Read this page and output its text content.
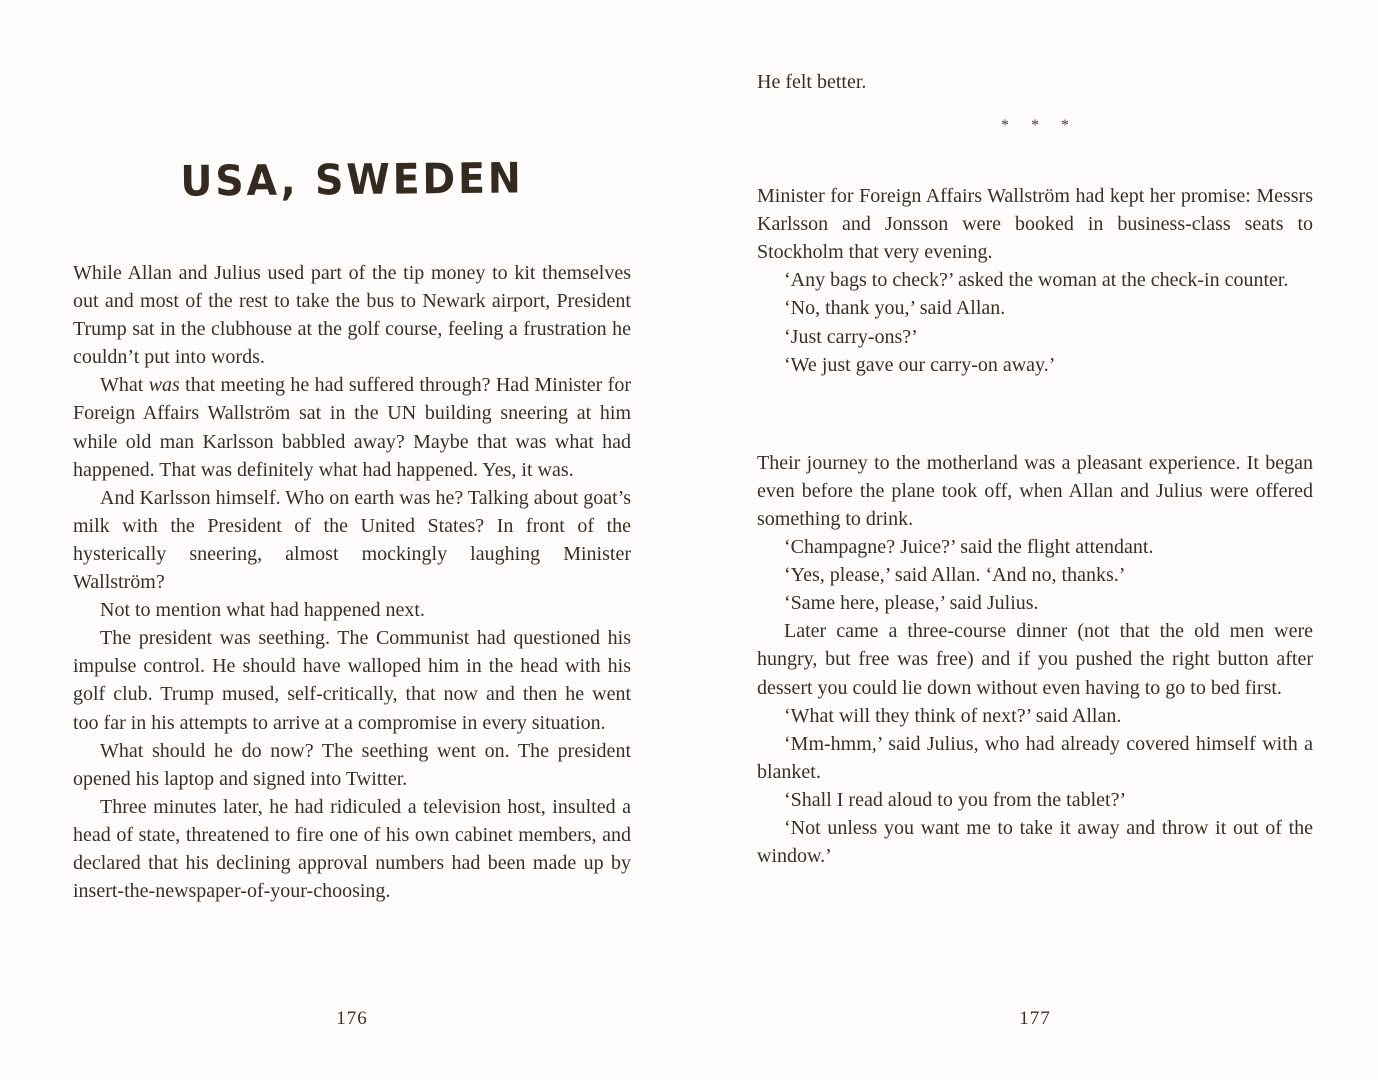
USA, SWEDEN

While Allan and Julius used part of the tip money to kit themselves out and most of the rest to take the bus to Newark airport, President Trump sat in the clubhouse at the golf course, feeling a frustration he couldn’t put into words.

What was that meeting he had suffered through? Had Minister for Foreign Affairs Wallström sat in the UN building sneering at him while old man Karlsson babbled away? Maybe that was what had happened. That was definitely what had happened. Yes, it was.

And Karlsson himself. Who on earth was he? Talking about goat’s milk with the President of the United States? In front of the hysterically sneering, almost mockingly laughing Minister Wallström?

Not to mention what had happened next.

The president was seething. The Communist had questioned his impulse control. He should have walloped him in the head with his golf club. Trump mused, self-critically, that now and then he went too far in his attempts to arrive at a compromise in every situation.

What should he do now? The seething went on. The president opened his laptop and signed into Twitter.

Three minutes later, he had ridiculed a television host, insulted a head of state, threatened to fire one of his own cabinet members, and declared that his declining approval numbers had been made up by insert-the-newspaper-of-your-choosing.

176

He felt better.

* * *

Minister for Foreign Affairs Wallström had kept her promise: Messrs Karlsson and Jonsson were booked in business-class seats to Stockholm that very evening.

‘Any bags to check?’ asked the woman at the check-in counter.

‘No, thank you,’ said Allan.

‘Just carry-ons?’

‘We just gave our carry-on away.’

Their journey to the motherland was a pleasant experience. It began even before the plane took off, when Allan and Julius were offered something to drink.

‘Champagne? Juice?’ said the flight attendant.

‘Yes, please,’ said Allan. ‘And no, thanks.’

‘Same here, please,’ said Julius.

Later came a three-course dinner (not that the old men were hungry, but free was free) and if you pushed the right button after dessert you could lie down without even having to go to bed first.

‘What will they think of next?’ said Allan.

‘Mm-hmm,’ said Julius, who had already covered himself with a blanket.

‘Shall I read aloud to you from the tablet?’

‘Not unless you want me to take it away and throw it out of the window.’

177
